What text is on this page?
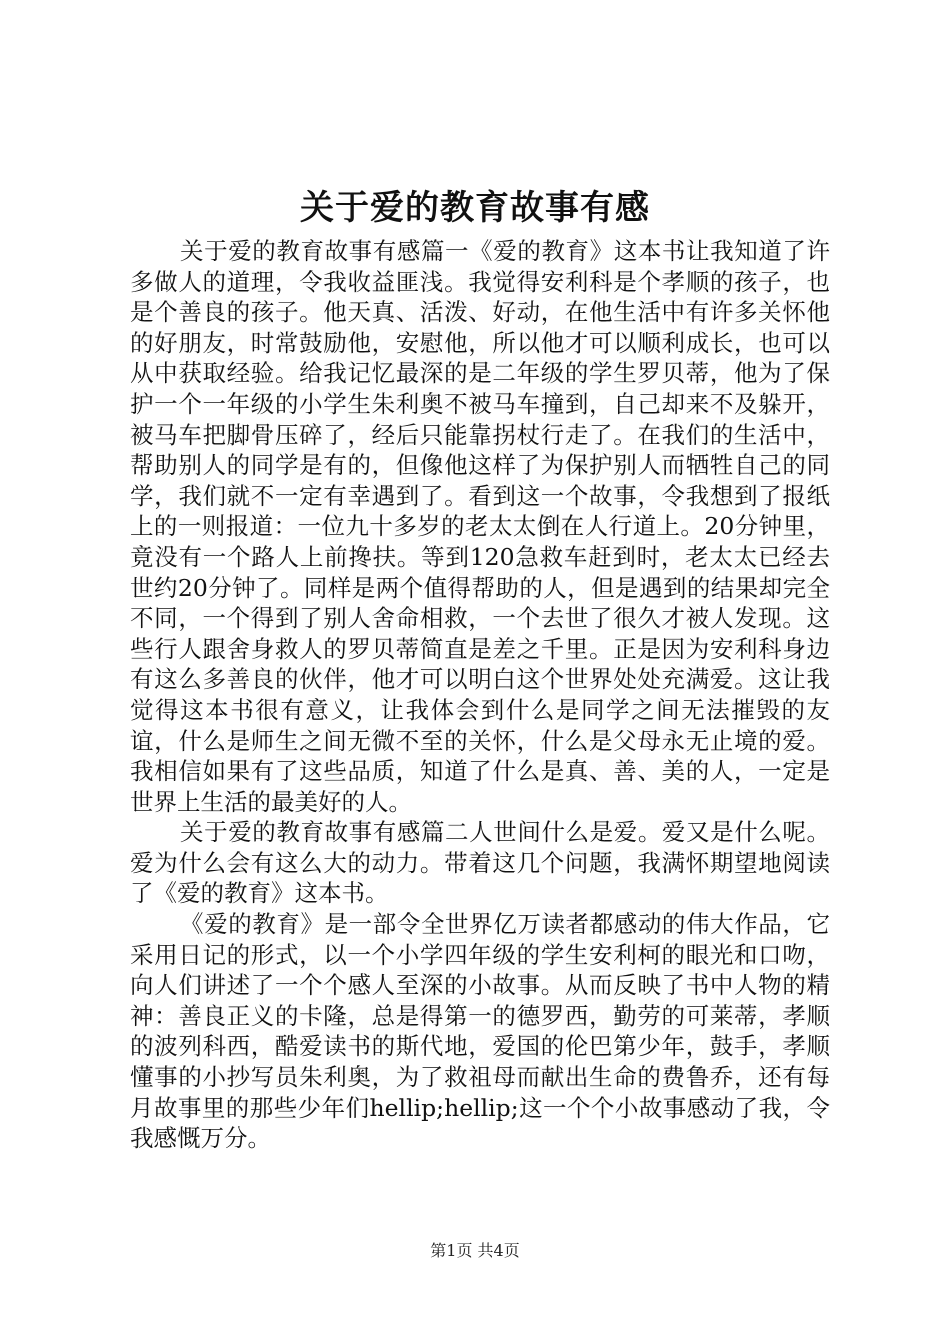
关于爱的教育故事有感

关于爱的教育故事有感篇一《爱的教育》这本书让我知道了许多做人的道理，令我收益匪浅。我觉得安利科是个孝顺的孩子，也是个善良的孩子。他天真、活泼、好动，在他生活中有许多关怀他的好朋友，时常鼓励他，安慰他，所以他才可以顺利成长，也可以从中获取经验。给我记忆最深的是二年级的学生罗贝蒂，他为了保护一个一年级的小学生朱利奥不被马车撞到，自己却来不及躲开，被马车把脚骨压碎了，经后只能靠拐杖行走了。在我们的生活中，帮助别人的同学是有的，但像他这样了为保护别人而牺牲自己的同学，我们就不一定有幸遇到了。看到这一个故事，令我想到了报纸上的一则报道：一位九十多岁的老太太倒在人行道上。20分钟里，竟没有一个路人上前搀扶。等到120急救车赶到时，老太太已经去世约20分钟了。同样是两个值得帮助的人，但是遇到的结果却完全不同，一个得到了别人舍命相救，一个去世了很久才被人发现。这些行人跟舍身救人的罗贝蒂简直是差之千里。正是因为安利科身边有这么多善良的伙伴，他才可以明白这个世界处处充满爱。这让我觉得这本书很有意义，让我体会到什么是同学之间无法摧毁的友谊，什么是师生之间无微不至的关怀，什么是父母永无止境的爱。我相信如果有了这些品质，知道了什么是真、善、美的人，一定是世界上生活的最美好的人。

关于爱的教育故事有感篇二人世间什么是爱。爱又是什么呢。爱为什么会有这么大的动力。带着这几个问题，我满怀期望地阅读了《爱的教育》这本书。

《爱的教育》是一部令全世界亿万读者都感动的伟大作品，它采用日记的形式，以一个小学四年级的学生安利柯的眼光和口吻，向人们讲述了一个个感人至深的小故事。从而反映了书中人物的精神：善良正义的卡隆，总是得第一的德罗西，勤劳的可莱蒂，孝顺的波列科西，酷爱读书的斯代地，爱国的伦巴第少年，鼓手，孝顺懂事的小抄写员朱利奥，为了救祖母而献出生命的费鲁乔，还有每月故事里的那些少年们hellip;hellip;这一个个小故事感动了我，令我感慨万分。

第1页 共4页
